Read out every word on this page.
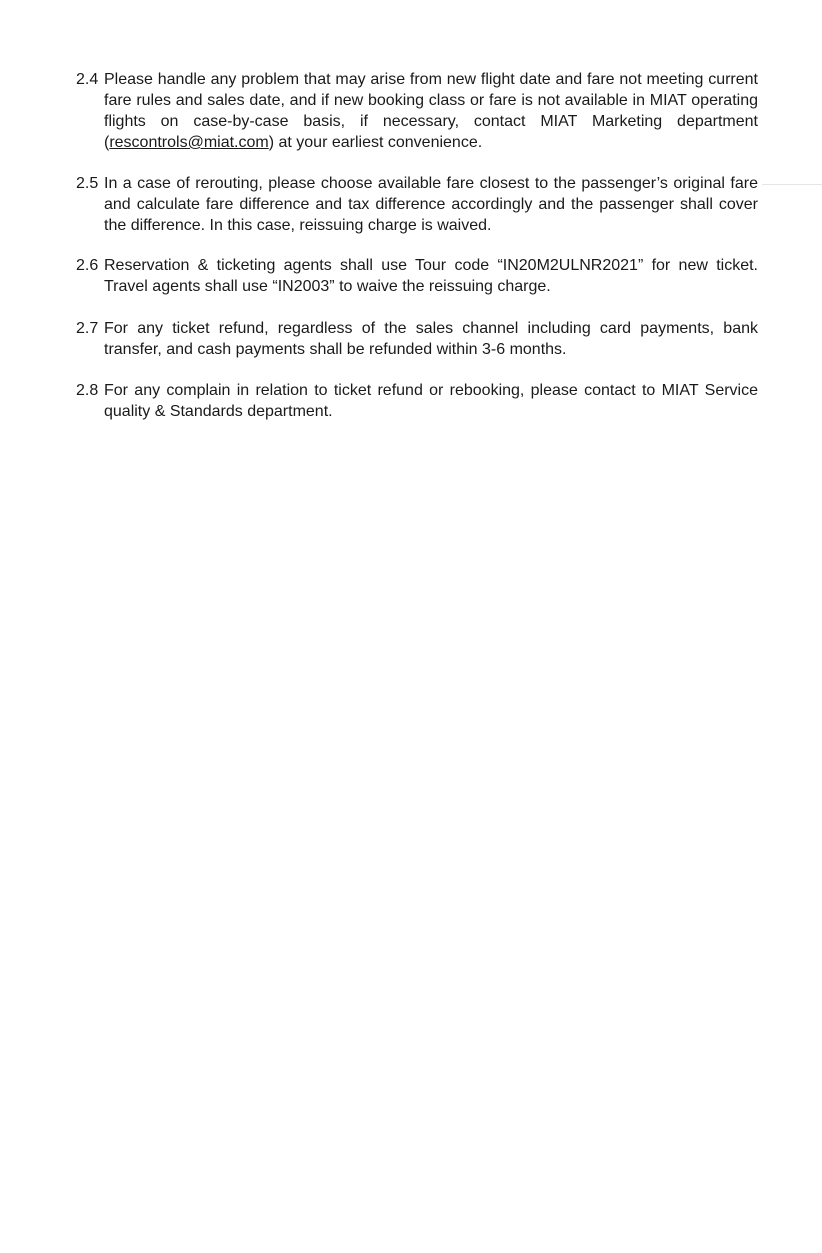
2.4 Please handle any problem that may arise from new flight date and fare not meeting current fare rules and sales date, and if new booking class or fare is not available in MIAT operating flights on case-by-case basis, if necessary, contact MIAT Marketing department (rescontrols@miat.com) at your earliest convenience.
2.5 In a case of rerouting, please choose available fare closest to the passenger’s original fare and calculate fare difference and tax difference accordingly and the passenger shall cover the difference. In this case, reissuing charge is waived.
2.6 Reservation & ticketing agents shall use Tour code “IN20M2ULNR2021” for new ticket. Travel agents shall use “IN2003” to waive the reissuing charge.
2.7 For any ticket refund, regardless of the sales channel including card payments, bank transfer, and cash payments shall be refunded within 3-6 months.
2.8 For any complain in relation to ticket refund or rebooking, please contact to MIAT Service quality & Standards department.
